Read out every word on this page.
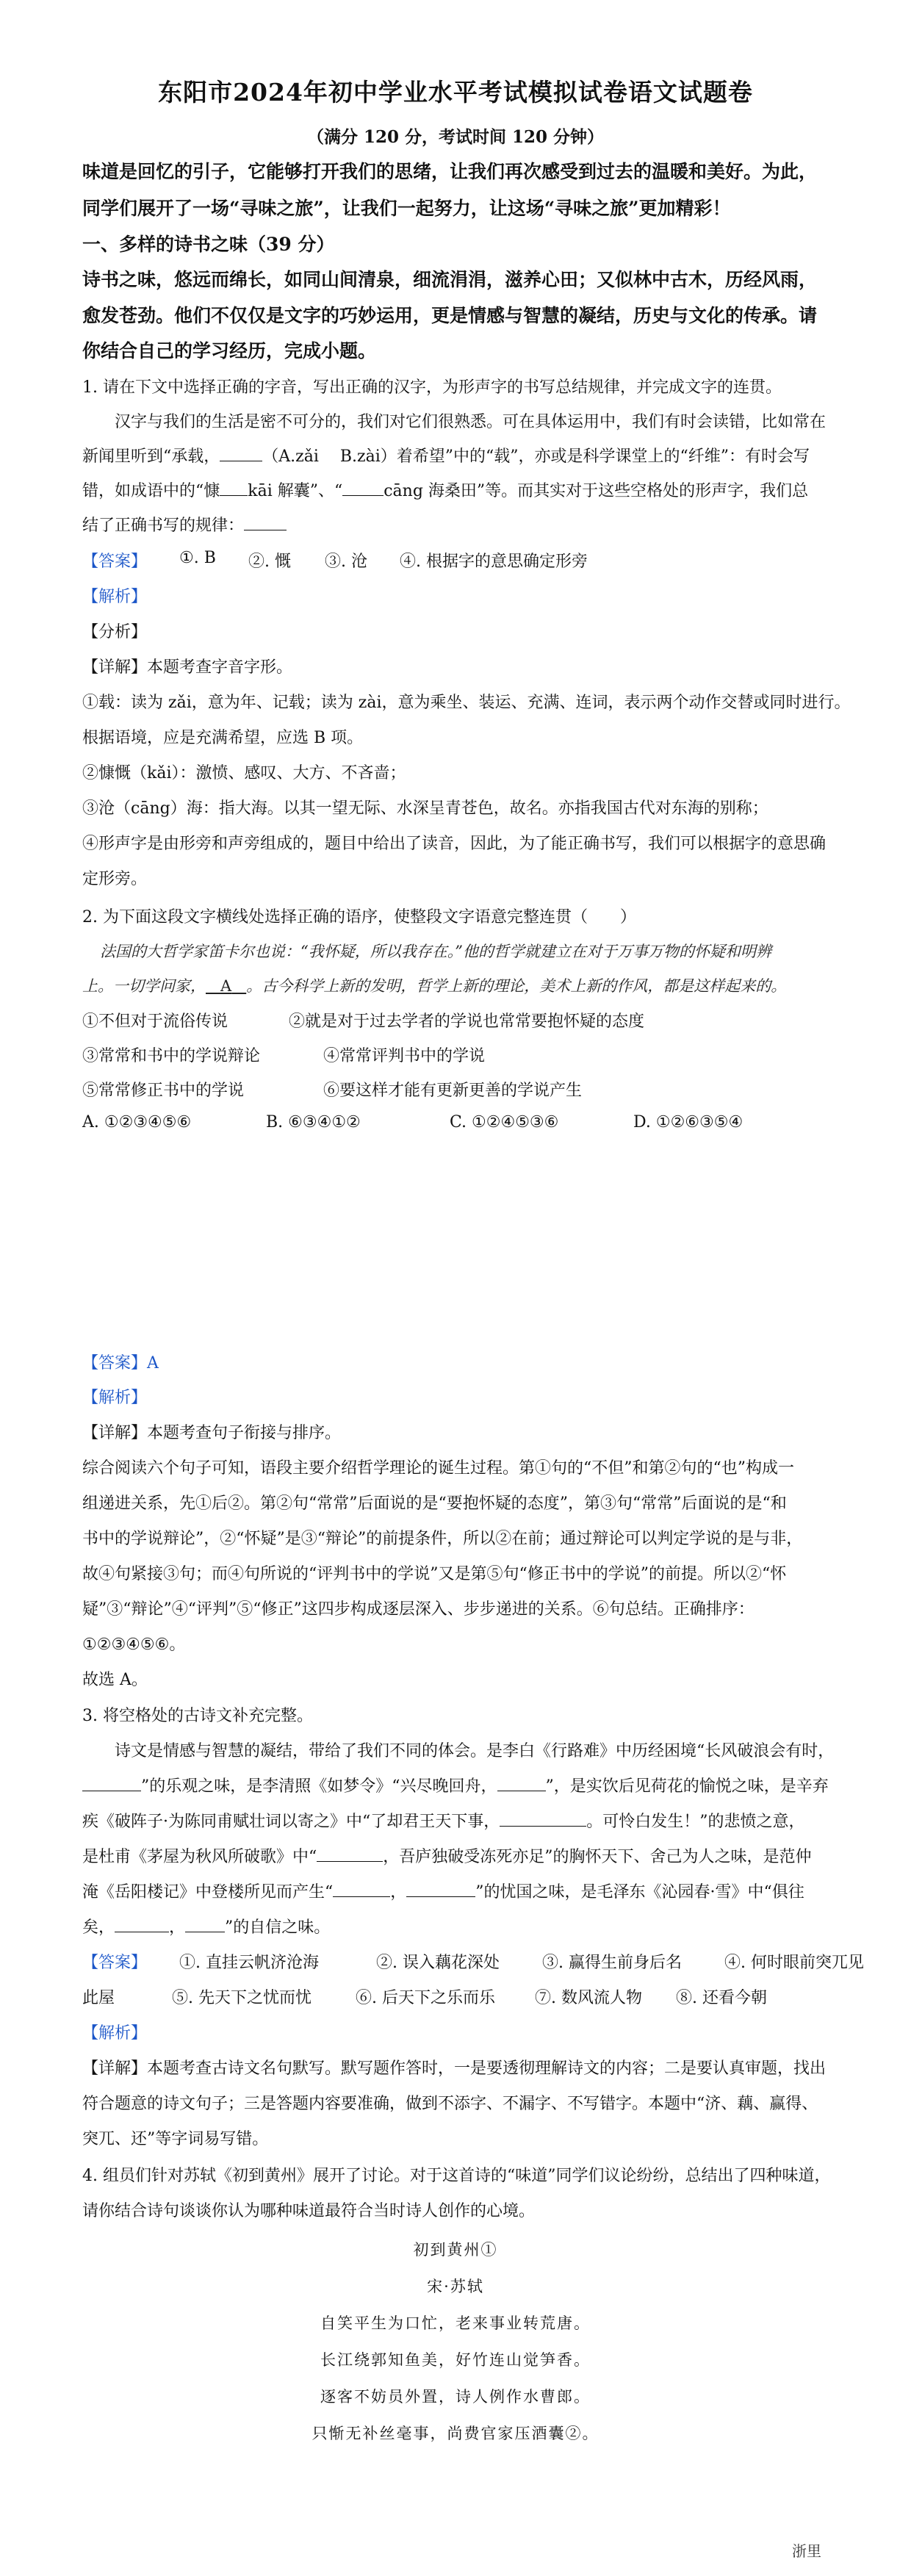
东阳市2024年初中学业水平考试模拟试卷语文试题卷
（满分 120 分，考试时间 120 分钟）
味道是回忆的引子，它能够打开我们的思绪，让我们再次感受到过去的温暖和美好。为此，
同学们展开了一场“寻味之旅”，让我们一起努力，让这场“寻味之旅”更加精彩！
一、多样的诗书之味（39 分）
诗书之味，悠远而绵长，如同山间清泉，细流涓涓，滋养心田；又似林中古木，历经风雨，
愈发苍劲。他们不仅仅是文字的巧妙运用，更是情感与智慧的凝结，历史与文化的传承。请
你结合自己的学习经历，完成小题。
1. 请在下文中选择正确的字音，写出正确的汉字，为形声字的书写总结规律，并完成文字的连贯。
汉字与我们的生活是密不可分的，我们对它们很熟悉。可在具体运用中，我们有时会读错，比如常在
新闻里听到“承载，	（A.zǎi　 B.zài）着希望”中的“载”，亦或是科学课堂上的“纤维”：有时会写
错，如成语中的“慷 kāi 解囊”、“	cāng 海桑田”等。而其实对于这些空格处的形声字，我们总
结了正确书写的规律：
【答案】 ①. B ②. 慨 ③. 沧 ④. 根据字的意思确定形旁
【解析】
【分析】
【详解】本题考查字音字形。
①载：读为 zǎi，意为年、记载；读为 zài，意为乘坐、装运、充满、连词，表示两个动作交替或同时进行。
根据语境，应是充满希望，应选 B 项。
②慷慨（kǎi）：激愤、感叹、大方、不吝啬；
③沧（cāng）海：指大海。以其一望无际、水深呈青苍色，故名。亦指我国古代对东海的别称；
④形声字是由形旁和声旁组成的，题目中给出了读音，因此，为了能正确书写，我们可以根据字的意思确
定形旁。
2. 为下面这段文字横线处选择正确的语序，使整段文字语意完整连贯（　　）
法国的大哲学家笛卡尔也说：“我怀疑，所以我存在。”他的哲学就建立在对于万事万物的怀疑和明辨
上。一切学问家， A 。古今科学上新的发明，哲学上新的理论，美术上新的作风，都是这样起来的。
①不但对于流俗传说	②就是对于过去学者的学说也常常要抱怀疑的态度
③常常和书中的学说辩论	④常常评判书中的学说
⑤常常修正书中的学说	⑥要这样才能有更新更善的学说产生
A. ①②③④⑤⑥	B. ⑥③④①②	C. ①②④⑤③⑥	D. ①②⑥③⑤④
【答案】A
【解析】
【详解】本题考查句子衔接与排序。
综合阅读六个句子可知，语段主要介绍哲学理论的诞生过程。第①句的“不但”和第②句的“也”构成一
组递进关系，先①后②。第②句“常常”后面说的是“要抱怀疑的态度”，第③句“常常”后面说的是“和
书中的学说辩论”，②“怀疑”是③“辩论”的前提条件，所以②在前；通过辩论可以判定学说的是与非，
故④句紧接③句；而④句所说的“评判书中的学说”又是第⑤句“修正书中的学说”的前提。所以②“怀
疑”③“辩论”④“评判”⑤“修正”这四步构成逐层深入、步步递进的关系。⑥句总结。正确排序：
①②③④⑤⑥。
故选 A。
3. 将空格处的古诗文补充完整。
诗文是情感与智慧的凝结，带给了我们不同的体会。是李白《行路难》中历经困境“长风破浪会有时，
”的乐观之味，是李清照《如梦令》“兴尽晚回舟，	”，是实饮后见荷花的愉悦之味，是辛弃
疾《破阵子·为陈同甫赋壮词以寄之》中“了却君王天下事，	。可怜白发生！”的悲愤之意，
是杜甫《茅屋为秋风所破歌》中“	，吾庐独破受冻死亦足”的胸怀天下、舍己为人之味，是范仲
淹《岳阳楼记》中登楼所见而产生“	，	”的忧国之味，是毛泽东《沁园春·雪》中“俱往
矣，	， ”的自信之味。
【答案】 ①. 直挂云帆济沧海	②. 误入藕花深处	③. 赢得生前身后名	④. 何时眼前突兀见
此屋	⑤. 先天下之忧而忧	⑥. 后天下之乐而乐 ⑦. 数风流人物 ⑧. 还看今朝
【解析】
【详解】本题考查古诗文名句默写。默写题作答时，一是要透彻理解诗文的内容；二是要认真审题，找出
符合题意的诗文句子；三是答题内容要准确，做到不添字、不漏字、不写错字。本题中“济、藕、赢得、
突兀、还”等字词易写错。
4. 组员们针对苏轼《初到黄州》展开了讨论。对于这首诗的“味道”同学们议论纷纷，总结出了四种味道，
请你结合诗句谈谈你认为哪种味道最符合当时诗人创作的心境。
初到黄州①
宋·苏轼
自笑平生为口忙，老来事业转荒唐。
长江绕郭知鱼美，好竹连山觉笋香。
逐客不妨员外置，诗人例作水曹郎。
只惭无补丝毫事，尚费官家压酒囊②。
浙里
